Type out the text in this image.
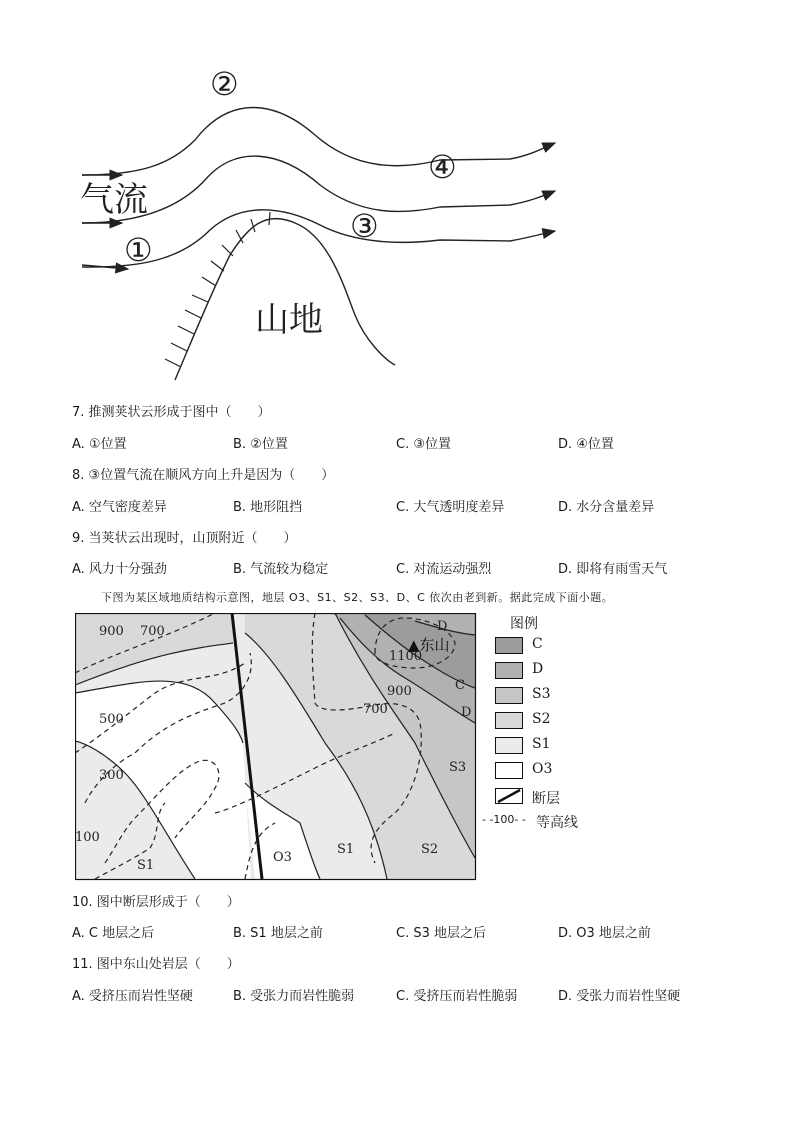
气流
山地
①
②
③
④
7. 推测荚状云形成于图中（　　）
A. ①位置	B. ②位置	C. ③位置	D. ④位置
8. ③位置气流在顺风方向上升是因为（　　）
A. 空气密度差异	B. 地形阻挡	C. 大气透明度差异	D. 水分含量差异
9. 当荚状云出现时，山顶附近（　　）
A. 风力十分强劲	B. 气流较为稳定	C. 对流运动强烈	D. 即将有雨雪天气
下图为某区域地质结构示意图，地层 O3、S1、S2、S3、D、C 依次由老到新。据此完成下面小题。
900 700
500
300
100
700
900
1100
▲东山
O3
S1
S1
S2
S3
D
C
D
图例
C
D
S3
S2
S1
O3
断层
- -100- - 等高线
10. 图中断层形成于（　　）
A. C 地层之后	B. S1 地层之前	C. S3 地层之后	D. O3 地层之前
11. 图中东山处岩层（　　）
A. 受挤压而岩性坚硬	B. 受张力而岩性脆弱	C. 受挤压而岩性脆弱	D. 受张力而岩性坚硬
